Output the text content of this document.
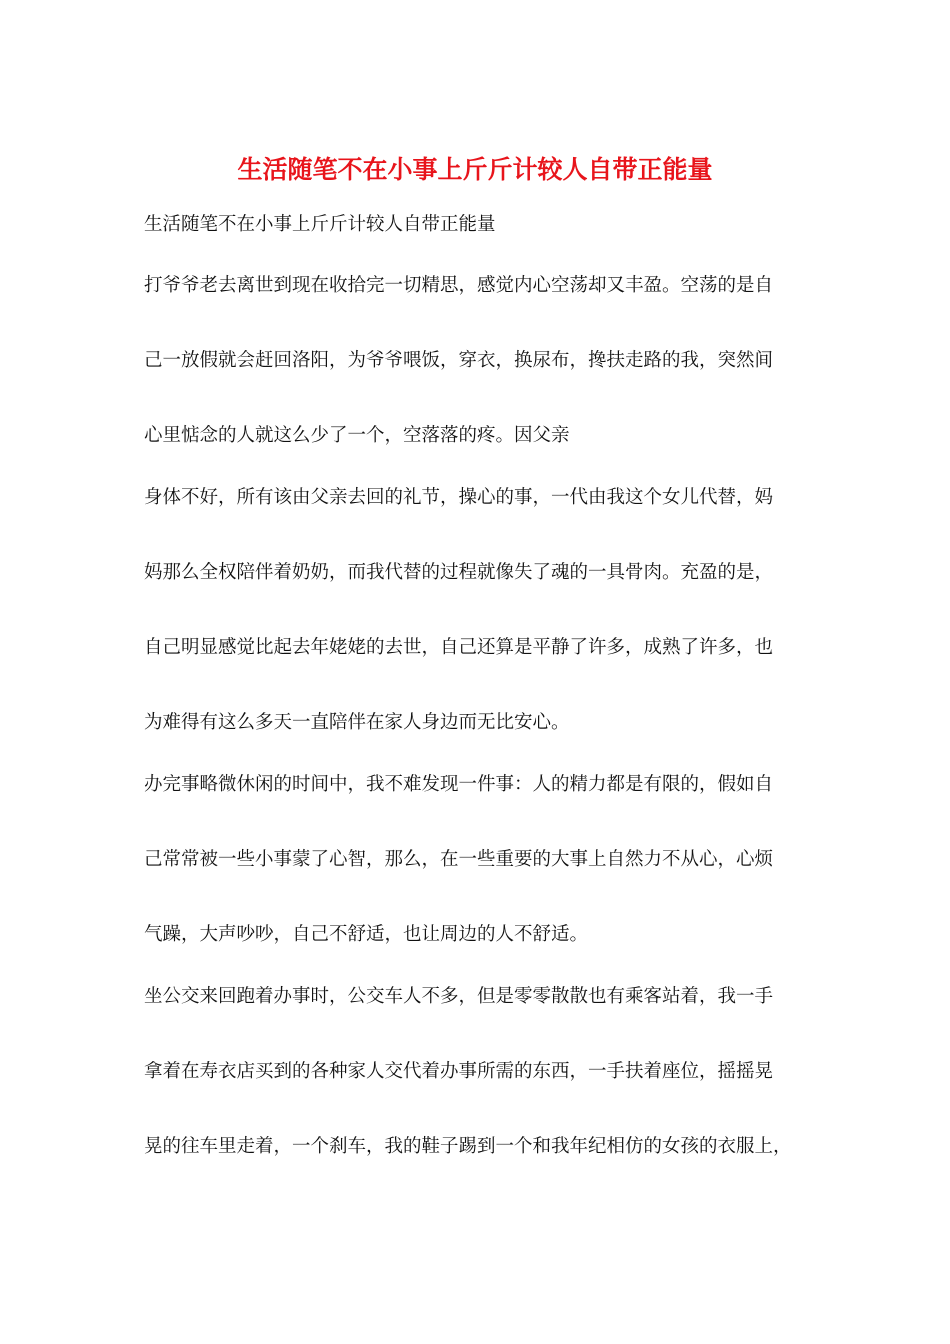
生活随笔不在小事上斤斤计较人自带正能量
生活随笔不在小事上斤斤计较人自带正能量
打爷爷老去离世到现在收拾完一切精思，感觉内心空荡却又丰盈。空荡的是自
己一放假就会赶回洛阳，为爷爷喂饭，穿衣，换尿布，搀扶走路的我，突然间
心里惦念的人就这么少了一个，空落落的疼。因父亲
身体不好，所有该由父亲去回的礼节，操心的事，一代由我这个女儿代替，妈
妈那么全权陪伴着奶奶，而我代替的过程就像失了魂的一具骨肉。充盈的是，
自己明显感觉比起去年姥姥的去世，自己还算是平静了许多，成熟了许多，也
为难得有这么多天一直陪伴在家人身边而无比安心。
办完事略微休闲的时间中，我不难发现一件事：人的精力都是有限的，假如自
己常常被一些小事蒙了心智，那么，在一些重要的大事上自然力不从心，心烦
气躁，大声吵吵，自己不舒适，也让周边的人不舒适。
坐公交来回跑着办事时，公交车人不多，但是零零散散也有乘客站着，我一手
拿着在寿衣店买到的各种家人交代着办事所需的东西，一手扶着座位，摇摇晃
晃的往车里走着，一个刹车，我的鞋子踢到一个和我年纪相仿的女孩的衣服上，
